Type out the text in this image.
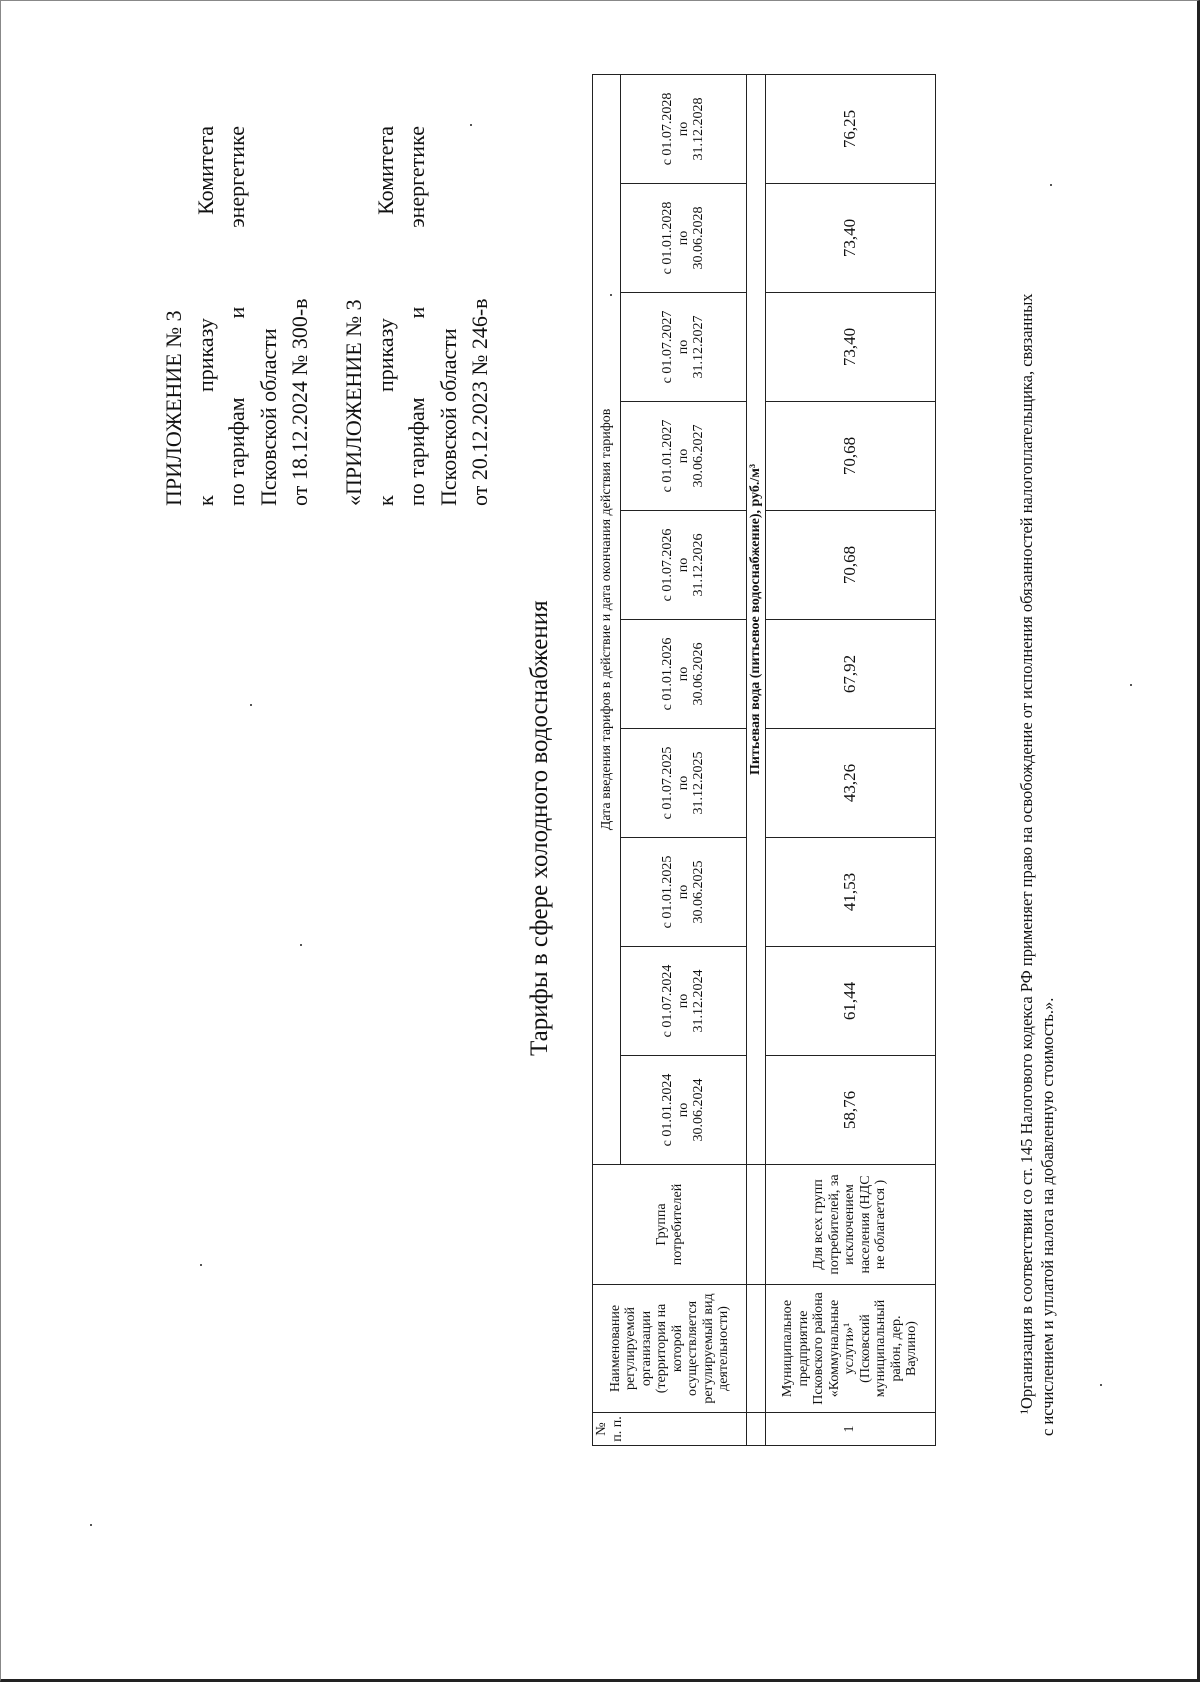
ПРИЛОЖЕНИЕ № 3 к
приказу
Комитета
по тарифам
и
энергетике
Псковской области от 18.12.2024 № 300-в «ПРИЛОЖЕНИЕ № 3 к
приказу
Комитета
по тарифам
и
энергетике
Псковской области от 20.12.2023 № 246-в
Тарифы в сфере холодного водоснабжения
№ п. п.	Наименование регулируемой организации (территория на которой осуществляется регулируемый вид деятельности)	Группа потребителей	Дата введения тарифов в действие и дата окончания действия тарифов									
			с 01.01.2024
по
30.06.2024	с 01.07.2024
по
31.12.2024	с 01.01.2025
по
30.06.2025	с 01.07.2025
по
31.12.2025	с 01.01.2026
по
30.06.2026	с 01.07.2026
по
31.12.2026	с 01.01.2027
по
30.06.2027	с 01.07.2027
по
31.12.2027	с 01.01.2028
по
30.06.2028	с 01.07.2028
по
31.12.2028
			Питьевая вода (питьевое водоснабжение), руб./м³									
1	Муниципальное предприятие Псковского района «Коммунальные услуги»¹ (Псковский муниципальный район, дер. Ваулино)	Для всех групп потребителей, за исключением населения (НДС не облагается )	58,76	61,44	41,53	43,26	67,92	70,68	70,68	73,40	73,40	76,25
¹Организация в соответствии со ст. 145 Налогового кодекса РФ применяет право на освобождение от исполнения обязанностей налогоплательщика, связанных с исчислением и уплатой налога на добавленную стоимость.».
